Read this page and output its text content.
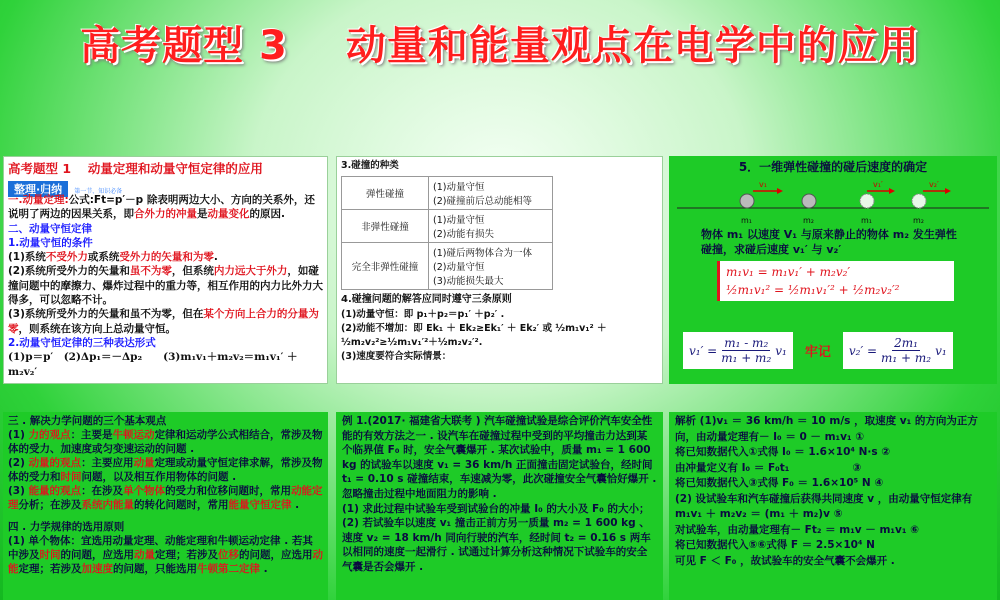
高考题型 3 动量和能量观点在电学中的应用

高考题型 1　 动量定理和动量守恒定律的应用

整理·归纳 第一节、知识必备

一.动量定理:公式:Ft=p′－p 除表明两边大小、方向的关系外，还说明了两边的因果关系，即合外力的冲量是动量变化的原因.

二、动量守恒定律

1.动量守恒的条件

(1)系统不受外力或系统受外力的矢量和为零.

(2)系统所受外力的矢量和虽不为零，但系统内力远大于外力，如碰撞问题中的摩擦力、爆炸过程中的重力等，相互作用的内力比外力大得多，可以忽略不计。

(3)系统所受外力的矢量和虽不为零，但在某个方向上合力的分量为零，则系统在该方向上总动量守恒。

2.动量守恒定律的三种表达形式

(1)p＝p′　(2)Δp₁＝－Δp₂　　(3)m₁v₁＋m₂v₂＝m₁v₁′ ＋m₂v₂′

3.碰撞的种类

弹性碰撞	(1)动量守恒
(2)碰撞前后总动能相等

非弹性碰撞	(1)动量守恒
(2)动能有损失

完全非弹性碰撞	(1)碰后两物体合为一体
(2)动量守恒
(3)动能损失最大

4.碰撞问题的解答应同时遵守三条原则

(1)动量守恒：即 p₁＋p₂＝p₁′ ＋p₂′ .

(2)动能不增加：即 Ek₁ ＋ Ek₂≥Ek₁′ ＋ Ek₂′ 或 ½m₁v₁² ＋ ½m₂v₂²≥½m₁v₁′²＋½m₂v₂′².

(3)速度要符合实际情景：

5．一维弹性碰撞的碰后速度的确定

v₁	v₁′	v₂′
m₁	m₂	m₁	m₂

物体 m₁ 以速度 V₁ 与原来静止的物体 m₂ 发生弹性碰撞，求碰后速度 v₁′ 与 v₂′

m₁v₁ = m₁v₁′ + m₂v₂′
½m₁v₁² = ½m₁v₁′² + ½m₂v₂′²
$v_1' = \frac{\text{m₁ - m₂}}{\text{m₁ + m₂}} v_1$ 牢记 $v_2' = \frac{\text{2m₁}}{\text{m₁ + m₂}} v_1$

三 . 解决力学问题的三个基本观点

(1) 力的观点：主要是牛顿运动定律和运动学公式相结合，常涉及物体的受力、加速度或匀变速运动的问题 .

(2) 动量的观点：主要应用动量定理或动量守恒定律求解，常涉及物体的受力和时间问题，以及相互作用物体的问题 .

(3) 能量的观点：在涉及单个物体的受力和位移问题时，常用动能定理分析；在涉及系统内能量的转化问题时，常用能量守恒定律 .

四 . 力学规律的选用原则

(1) 单个物体：宜选用动量定理、动能定理和牛顿运动定律 . 若其中涉及时间的问题，应选用动量定理；若涉及位移的问题，应选用动能定理；若涉及加速度的问题，只能选用牛顿第二定律 .

例 1.(2017· 福建省大联考 ) 汽车碰撞试验是综合评价汽车安全性能的有效方法之一 . 设汽车在碰撞过程中受到的平均撞击力达到某个临界值 F₀ 时，安全气囊爆开 . 某次试验中，质量 m₁ = 1 600 kg 的试验车以速度 v₁ = 36 km/h 正面撞击固定试验台，经时间 t₁ = 0.10 s 碰撞结束，车速减为零，此次碰撞安全气囊恰好爆开 . 忽略撞击过程中地面阻力的影响 .

(1) 求此过程中试验车受到试验台的冲量 I₀ 的大小及 F₀ 的大小；

(2) 若试验车以速度 v₁ 撞击正前方另一质量 m₂ = 1 600 kg 、速度 v₂ = 18 km/h 同向行驶的汽车，经时间 t₂ = 0.16 s 两车以相同的速度一起滑行 . 试通过计算分析这种情况下试验车的安全气囊是否会爆开 .

解析 (1)v₁ ＝ 36 km/h ＝ 10 m/s ，取速度 v₁ 的方向为正方向，由动量定理有－ I₀ ＝ 0 － m₁v₁ ①

将已知数据代入①式得 I₀ ＝ 1.6×10⁴ N·s ②

由冲量定义有 I₀ ＝ F₀t₁　　　　　　③

将已知数据代入③式得 F₀ ＝ 1.6×10⁵ N ④

(2) 设试验车和汽车碰撞后获得共同速度 v ，由动量守恒定律有 m₁v₁ ＋ m₂v₂ ＝ (m₁ ＋ m₂)v ⑤

对试验车，由动量定理有－ Ft₂ ＝ m₁v － m₁v₁ ⑥

将已知数据代入⑤⑥式得 F ＝ 2.5×10⁴ N

可见 F ＜ F₀ ，故试验车的安全气囊不会爆开 .
